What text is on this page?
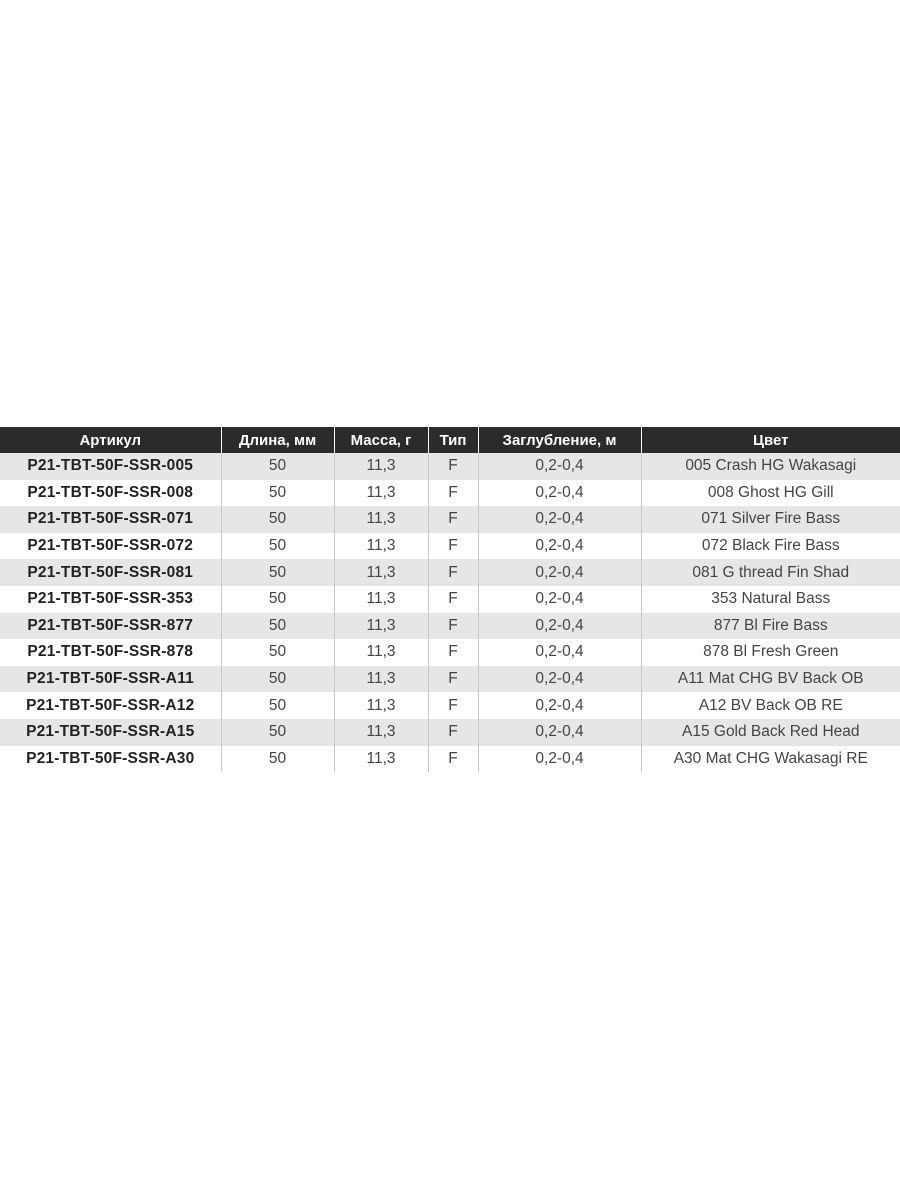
Артикул	Длина, мм	Масса, г	Тип	Заглубление, м	Цвет
P21-TBT-50F-SSR-005	50	11,3	F	0,2-0,4	005 Crash HG Wakasagi
P21-TBT-50F-SSR-008	50	11,3	F	0,2-0,4	008 Ghost HG Gill
P21-TBT-50F-SSR-071	50	11,3	F	0,2-0,4	071 Silver Fire Bass
P21-TBT-50F-SSR-072	50	11,3	F	0,2-0,4	072 Black Fire Bass
P21-TBT-50F-SSR-081	50	11,3	F	0,2-0,4	081 G thread Fin Shad
P21-TBT-50F-SSR-353	50	11,3	F	0,2-0,4	353 Natural Bass
P21-TBT-50F-SSR-877	50	11,3	F	0,2-0,4	877 Bl Fire Bass
P21-TBT-50F-SSR-878	50	11,3	F	0,2-0,4	878 Bl Fresh Green
P21-TBT-50F-SSR-A11	50	11,3	F	0,2-0,4	A11 Mat CHG BV Back OB
P21-TBT-50F-SSR-A12	50	11,3	F	0,2-0,4	A12 BV Back OB RE
P21-TBT-50F-SSR-A15	50	11,3	F	0,2-0,4	A15 Gold Back Red Head
P21-TBT-50F-SSR-A30	50	11,3	F	0,2-0,4	A30 Mat CHG Wakasagi RE
